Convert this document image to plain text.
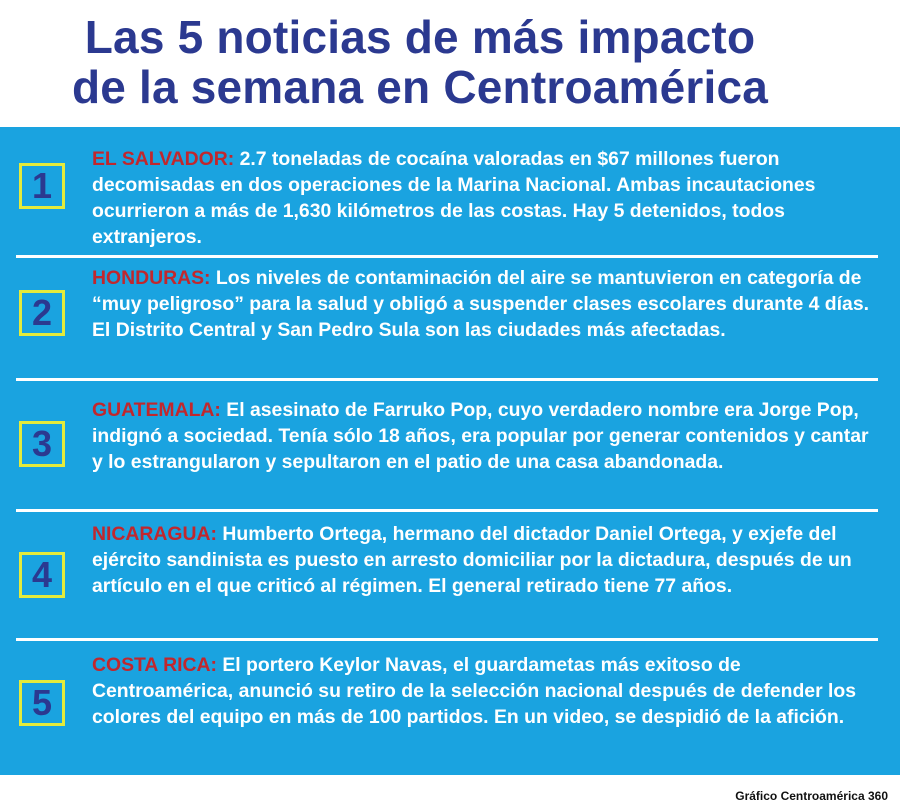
Las 5 noticias de más impacto
de la semana en Centroamérica
1
EL SALVADOR: 2.7 toneladas de cocaína valoradas en $67 millones fueron decomisadas en dos operaciones de la Marina Nacional. Ambas incautaciones ocurrieron a más de 1,630 kilómetros de las costas. Hay 5 detenidos, todos extranjeros.
2
HONDURAS: Los niveles de contaminación del aire se mantuvieron en categoría de “muy peligroso” para la salud y obligó a suspender clases escolares durante 4 días. El Distrito Central y San Pedro Sula son las ciudades más afectadas.
3
GUATEMALA: El asesinato de Farruko Pop, cuyo verdadero nombre era Jorge Pop, indignó a sociedad. Tenía sólo 18 años, era popular por generar contenidos y cantar y lo estrangularon y sepultaron en el patio de una casa abandonada.
4
NICARAGUA: Humberto Ortega, hermano del dictador Daniel Ortega, y exjefe del ejército sandinista es puesto en arresto domiciliar por la dictadura, después de un artículo en el que criticó al régimen. El general retirado tiene 77 años.
5
COSTA RICA: El portero Keylor Navas, el guardametas más exitoso de Centroamérica, anunció su retiro de la selección nacional después de defender los colores del equipo en más de 100 partidos. En un video, se despidió de la afición.
Gráfico Centroamérica 360
